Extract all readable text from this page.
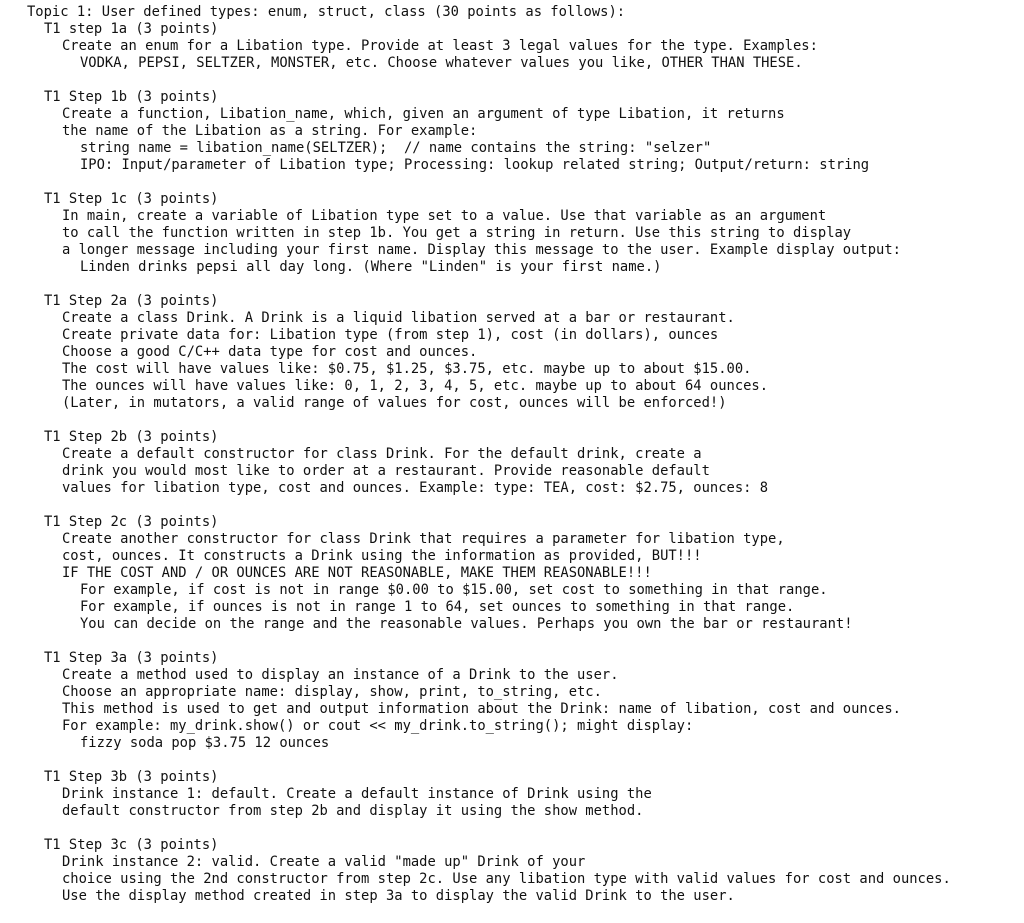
Topic 1: User defined types: enum, struct, class (30 points as follows):
T1 step 1a (3 points)
Create an enum for a Libation type. Provide at least 3 legal values for the type. Examples:
VODKA, PEPSI, SELTZER, MONSTER, etc. Choose whatever values you like, OTHER THAN THESE.
T1 Step 1b (3 points)
Create a function, Libation_name, which, given an argument of type Libation, it returns
the name of the Libation as a string. For example:
string name = libation_name(SELTZER);  // name contains the string: "selzer"
IPO: Input/parameter of Libation type; Processing: lookup related string; Output/return: string
T1 Step 1c (3 points)
In main, create a variable of Libation type set to a value. Use that variable as an argument
to call the function written in step 1b. You get a string in return. Use this string to display
a longer message including your first name. Display this message to the user. Example display output:
Linden drinks pepsi all day long. (Where "Linden" is your first name.)
T1 Step 2a (3 points)
Create a class Drink. A Drink is a liquid libation served at a bar or restaurant.
Create private data for: Libation type (from step 1), cost (in dollars), ounces
Choose a good C/C++ data type for cost and ounces.
The cost will have values like: $0.75, $1.25, $3.75, etc. maybe up to about $15.00.
The ounces will have values like: 0, 1, 2, 3, 4, 5, etc. maybe up to about 64 ounces.
(Later, in mutators, a valid range of values for cost, ounces will be enforced!)
T1 Step 2b (3 points)
Create a default constructor for class Drink. For the default drink, create a
drink you would most like to order at a restaurant. Provide reasonable default
values for libation type, cost and ounces. Example: type: TEA, cost: $2.75, ounces: 8
T1 Step 2c (3 points)
Create another constructor for class Drink that requires a parameter for libation type,
cost, ounces. It constructs a Drink using the information as provided, BUT!!!
IF THE COST AND / OR OUNCES ARE NOT REASONABLE, MAKE THEM REASONABLE!!!
For example, if cost is not in range $0.00 to $15.00, set cost to something in that range.
For example, if ounces is not in range 1 to 64, set ounces to something in that range.
You can decide on the range and the reasonable values. Perhaps you own the bar or restaurant!
T1 Step 3a (3 points)
Create a method used to display an instance of a Drink to the user.
Choose an appropriate name: display, show, print, to_string, etc.
This method is used to get and output information about the Drink: name of libation, cost and ounces.
For example: my_drink.show() or cout << my_drink.to_string(); might display:
fizzy soda pop $3.75 12 ounces
T1 Step 3b (3 points)
Drink instance 1: default. Create a default instance of Drink using the
default constructor from step 2b and display it using the show method.
T1 Step 3c (3 points)
Drink instance 2: valid. Create a valid "made up" Drink of your
choice using the 2nd constructor from step 2c. Use any libation type with valid values for cost and ounces.
Use the display method created in step 3a to display the valid Drink to the user.
